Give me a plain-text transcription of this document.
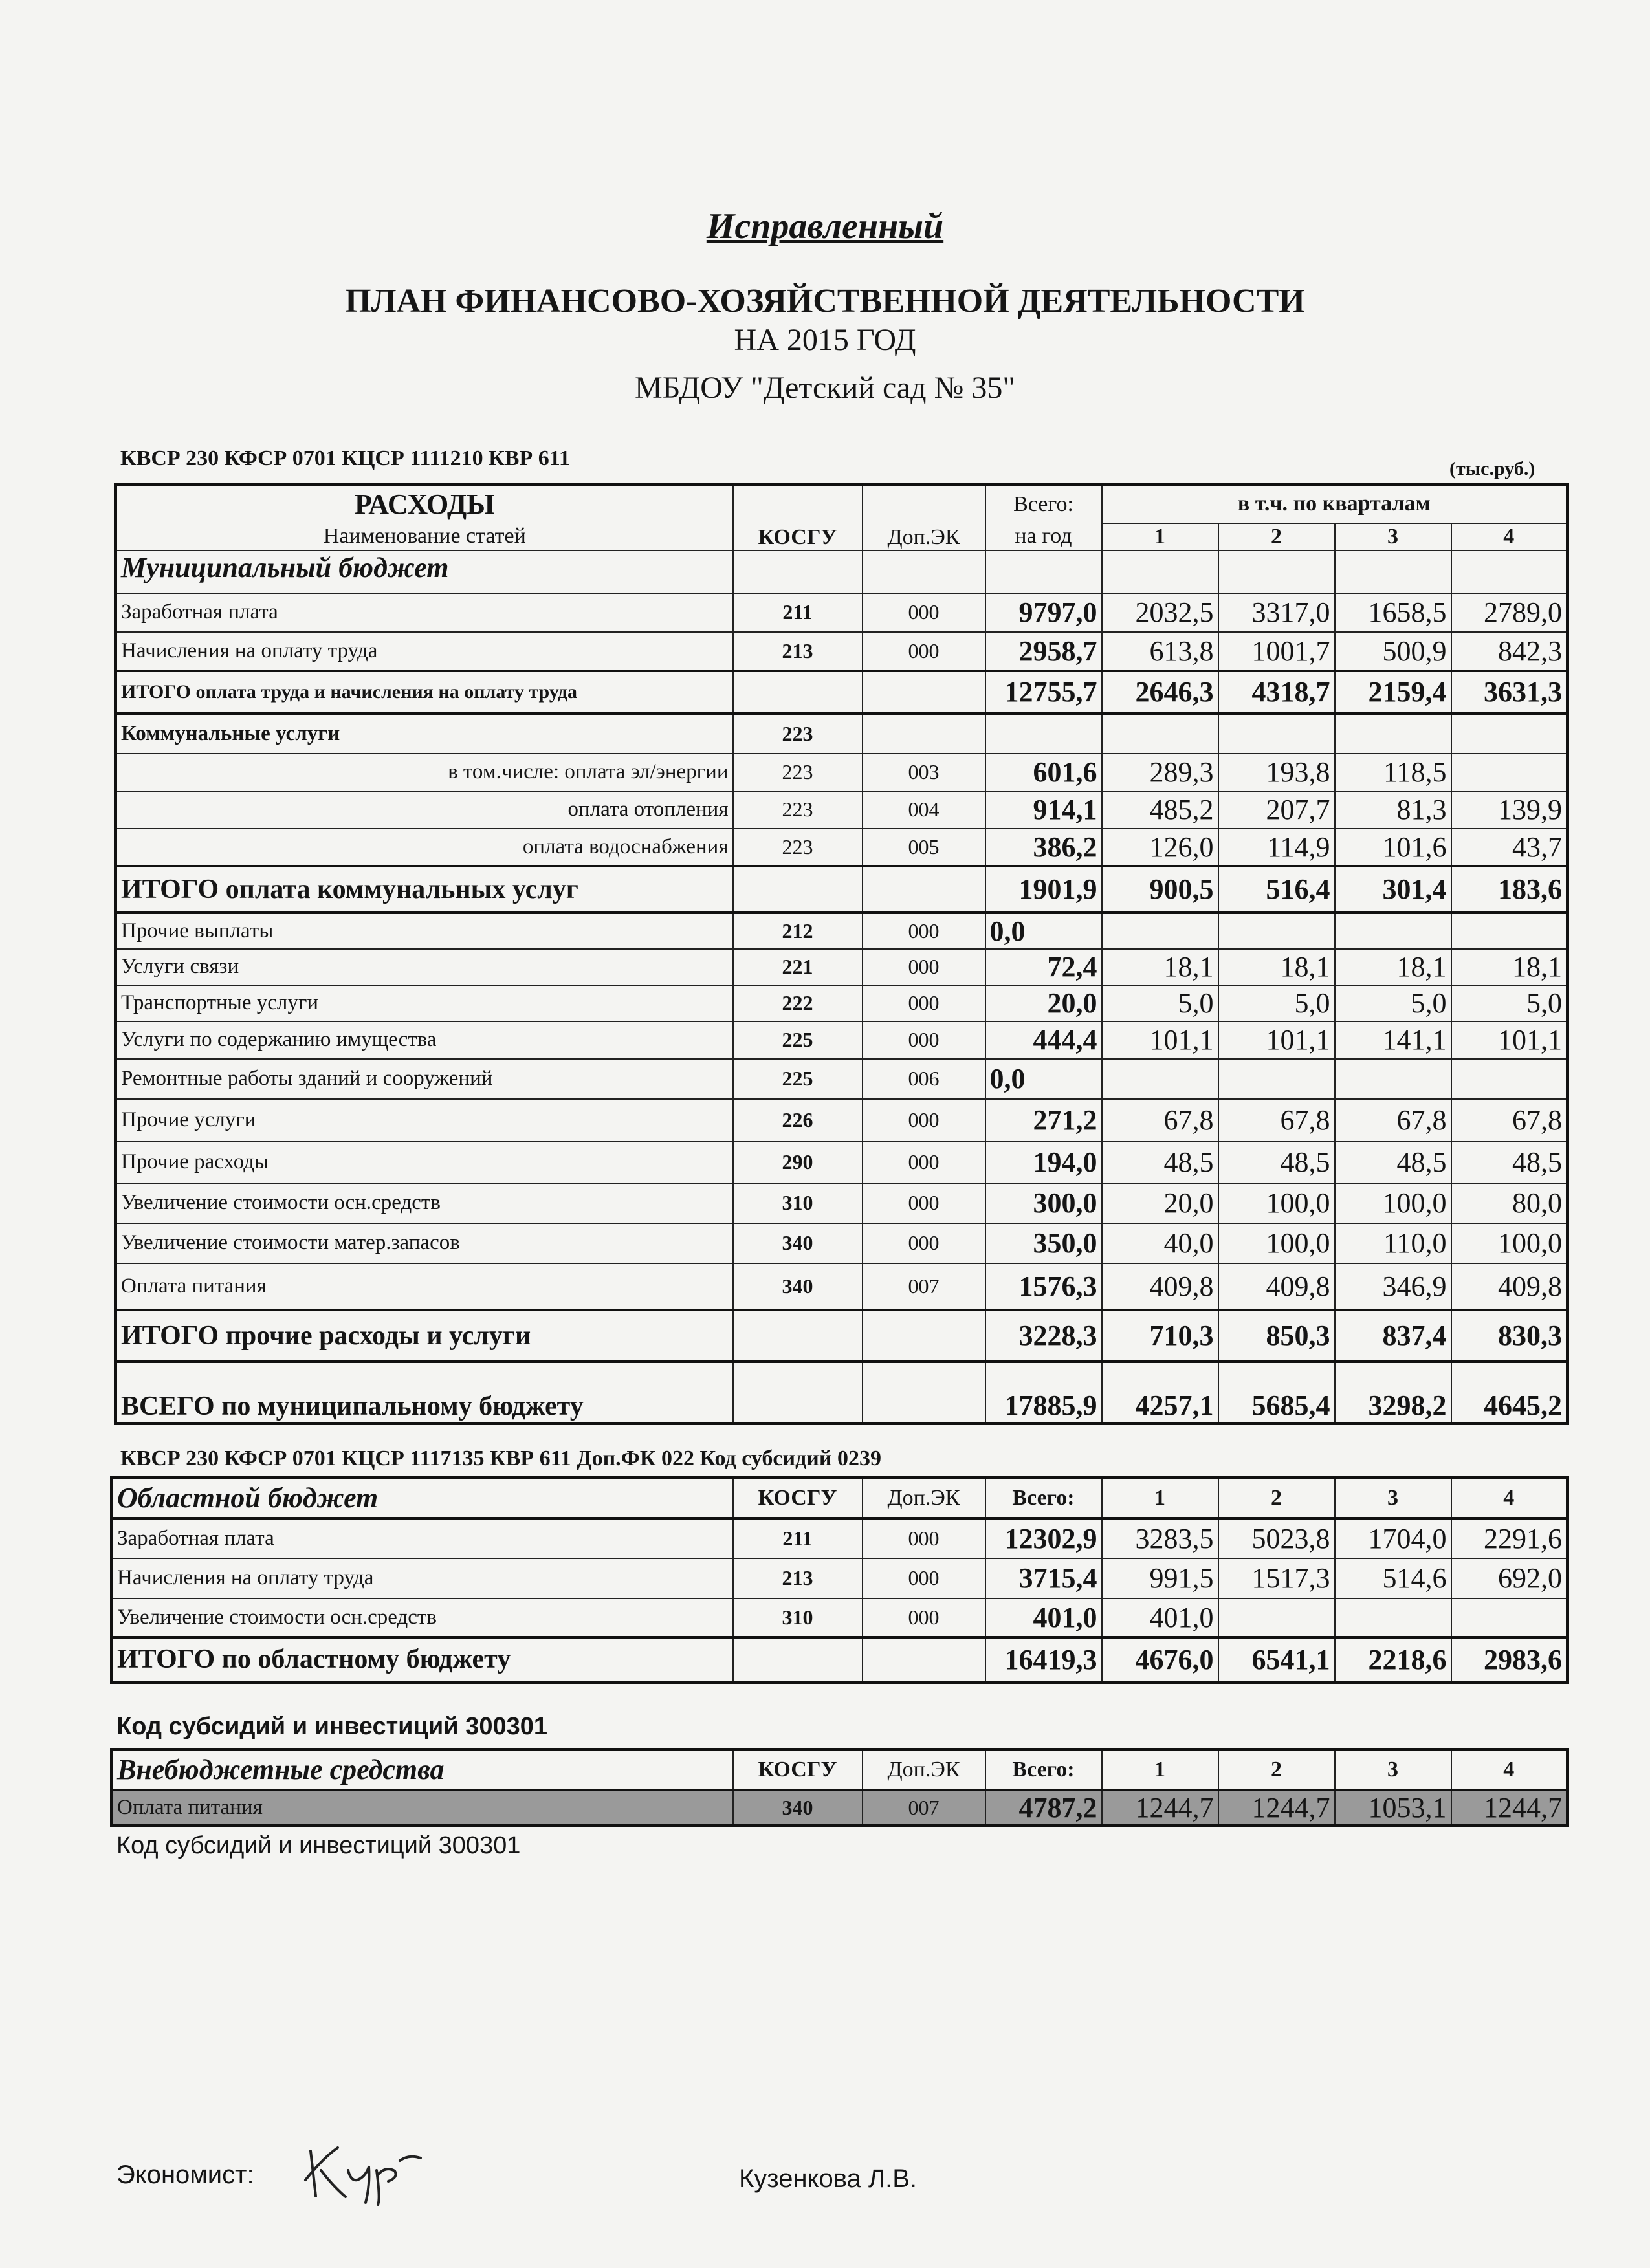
Исправленный
ПЛАН ФИНАНСОВО-ХОЗЯЙСТВЕННОЙ ДЕЯТЕЛЬНОСТИ
НА 2015 ГОД
МБДОУ "Детский сад № 35"
КВСР 230 КФСР 0701 КЦСР 1111210 КВР 611	(тыс.руб.)
РАСХОДЫ	КОСГУ	Доп.ЭК	Всего:	в т.ч. по кварталам			
Наименование статей			на год	1	2	3	4
Муниципальный бюджет							
Заработная плата	211	000	9797,0	2032,5	3317,0	1658,5	2789,0
Начисления на оплату труда	213	000	2958,7	613,8	1001,7	500,9	842,3
ИТОГО оплата труда и начисления на оплату труда			12755,7	2646,3	4318,7	2159,4	3631,3
Коммунальные услуги	223						
в том.числе: оплата эл/энергии	223	003	601,6	289,3	193,8	118,5	
оплата отопления	223	004	914,1	485,2	207,7	81,3	139,9
оплата водоснабжения	223	005	386,2	126,0	114,9	101,6	43,7
ИТОГО оплата коммунальных услуг			1901,9	900,5	516,4	301,4	183,6
Прочие выплаты	212	000	0,0				
Услуги связи	221	000	72,4	18,1	18,1	18,1	18,1
Транспортные услуги	222	000	20,0	5,0	5,0	5,0	5,0
Услуги по содержанию имущества	225	000	444,4	101,1	101,1	141,1	101,1
Ремонтные работы зданий и сооружений	225	006	0,0				
Прочие услуги	226	000	271,2	67,8	67,8	67,8	67,8
Прочие расходы	290	000	194,0	48,5	48,5	48,5	48,5
Увеличение стоимости осн.средств	310	000	300,0	20,0	100,0	100,0	80,0
Увеличение стоимости матер.запасов	340	000	350,0	40,0	100,0	110,0	100,0
Оплата питания	340	007	1576,3	409,8	409,8	346,9	409,8
ИТОГО прочие расходы и услуги			3228,3	710,3	850,3	837,4	830,3
ВСЕГО по муниципальному бюджету			17885,9	4257,1	5685,4	3298,2	4645,2
КВСР 230 КФСР 0701 КЦСР 1117135 КВР 611 Доп.ФК 022 Код субсидий 0239
Областной бюджет	КОСГУ	Доп.ЭК	Всего:	1	2	3	4
Заработная плата	211	000	12302,9	3283,5	5023,8	1704,0	2291,6
Начисления на оплату труда	213	000	3715,4	991,5	1517,3	514,6	692,0
Увеличение стоимости осн.средств	310	000	401,0	401,0			
ИТОГО по областному бюджету			16419,3	4676,0	6541,1	2218,6	2983,6
Код субсидий и инвестиций 300301
Внебюджетные средства	КОСГУ	Доп.ЭК	Всего:	1	2	3	4
Оплата питания	340	007	4787,2	1244,7	1244,7	1053,1	1244,7
Код субсидий и инвестиций 300301
Экономист:	Кузенкова Л.В.
